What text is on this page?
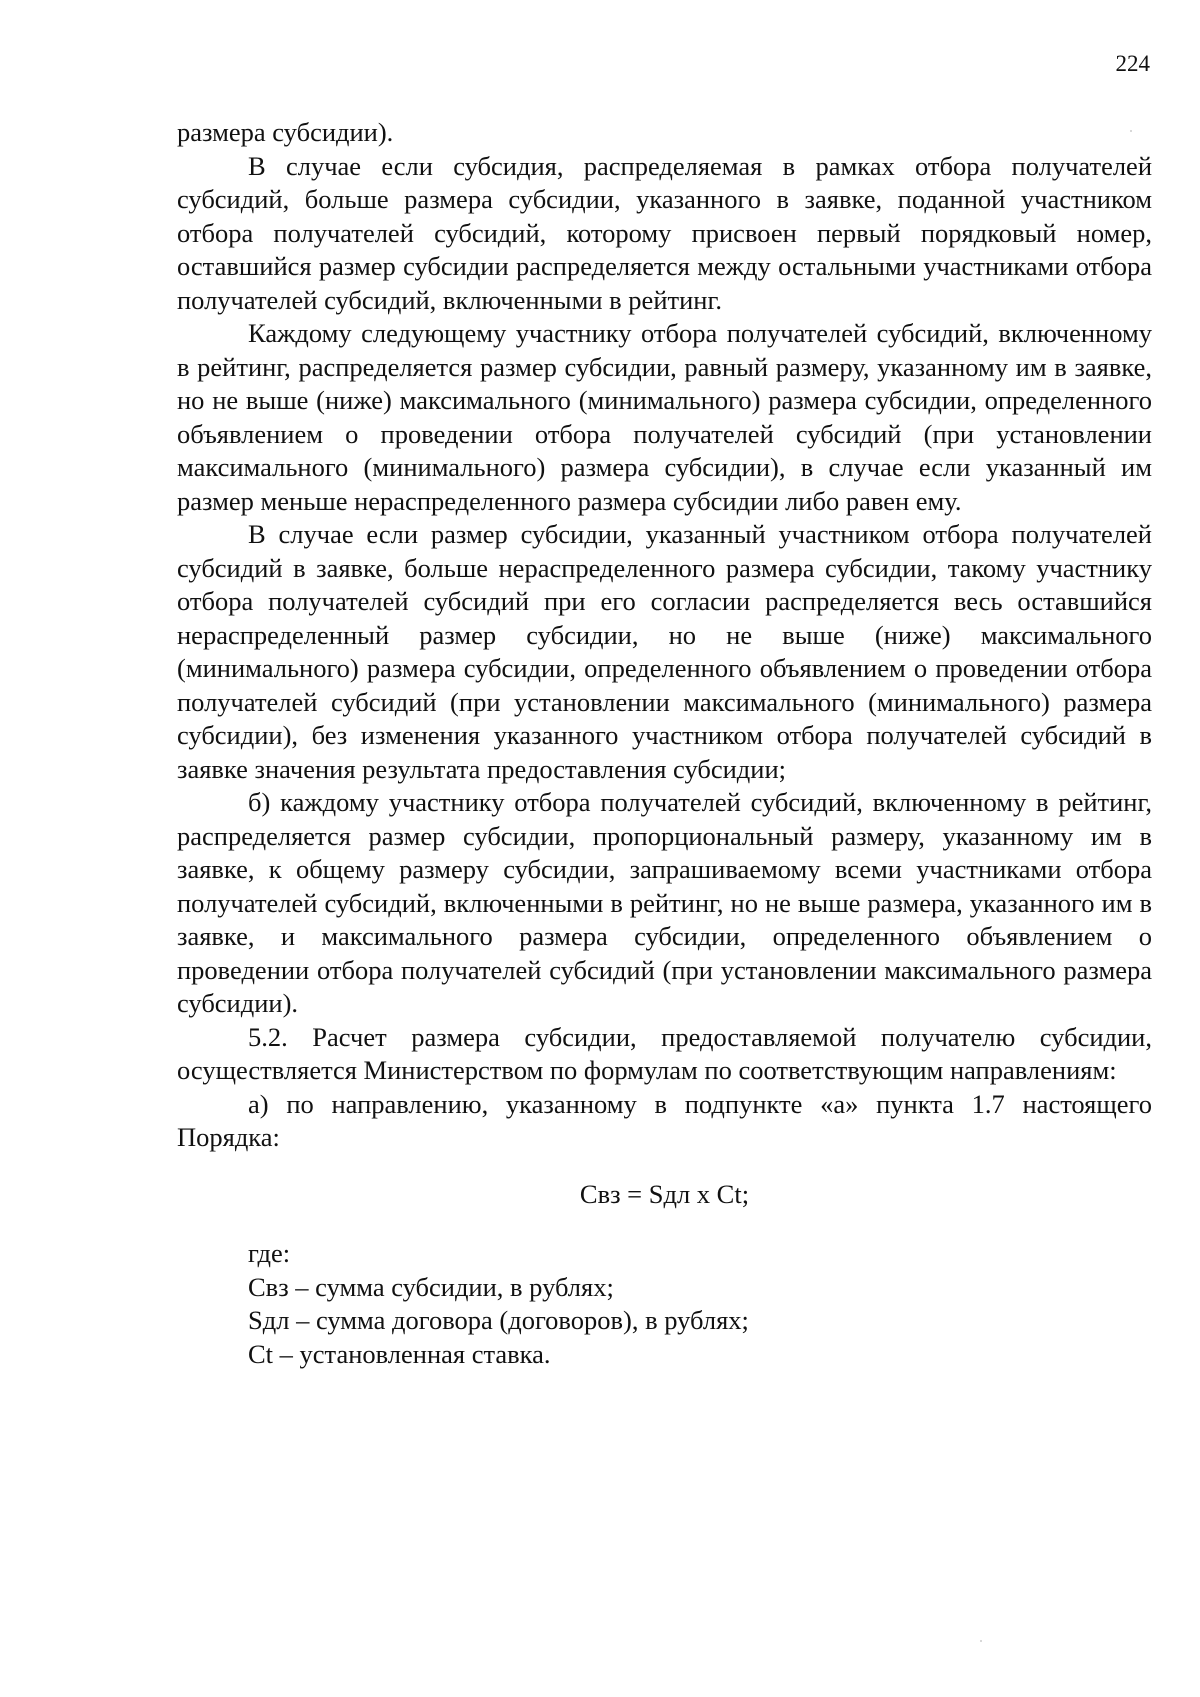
224

размера субсидии).

В случае если субсидия, распределяемая в рамках отбора получателей субсидий, больше размера субсидии, указанного в заявке, поданной участником отбора получателей субсидий, которому присвоен первый порядковый номер, оставшийся размер субсидии распределяется между остальными участниками отбора получателей субсидий, включенными в рейтинг.

Каждому следующему участнику отбора получателей субсидий, включенному в рейтинг, распределяется размер субсидии, равный размеру, указанному им в заявке, но не выше (ниже) максимального (минимального) размера субсидии, определенного объявлением о проведении отбора получателей субсидий (при установлении максимального (минимального) размера субсидии), в случае если указанный им размер меньше нераспределенного размера субсидии либо равен ему.

В случае если размер субсидии, указанный участником отбора получателей субсидий в заявке, больше нераспределенного размера субсидии, такому участнику отбора получателей субсидий при его согласии распределяется весь оставшийся нераспределенный размер субсидии, но не выше (ниже) максимального (минимального) размера субсидии, определенного объявлением о проведении отбора получателей субсидий (при установлении максимального (минимального) размера субсидии), без изменения указанного участником отбора получателей субсидий в заявке значения результата предоставления субсидии;

б) каждому участнику отбора получателей субсидий, включенному в рейтинг, распределяется размер субсидии, пропорциональный размеру, указанному им в заявке, к общему размеру субсидии, запрашиваемому всеми участниками отбора получателей субсидий, включенными в рейтинг, но не выше размера, указанного им в заявке, и максимального размера субсидии, определенного объявлением о проведении отбора получателей субсидий (при установлении максимального размера субсидии).

5.2. Расчет размера субсидии, предоставляемой получателю субсидии, осуществляется Министерством по формулам по соответствующим направлениям:

а) по направлению, указанному в подпункте «а» пункта 1.7 настоящего Порядка:

Свз = Sдл х Ct;

где:

Свз – сумма субсидии, в рублях;

Sдл – сумма договора (договоров), в рублях;

Ct – установленная ставка.
